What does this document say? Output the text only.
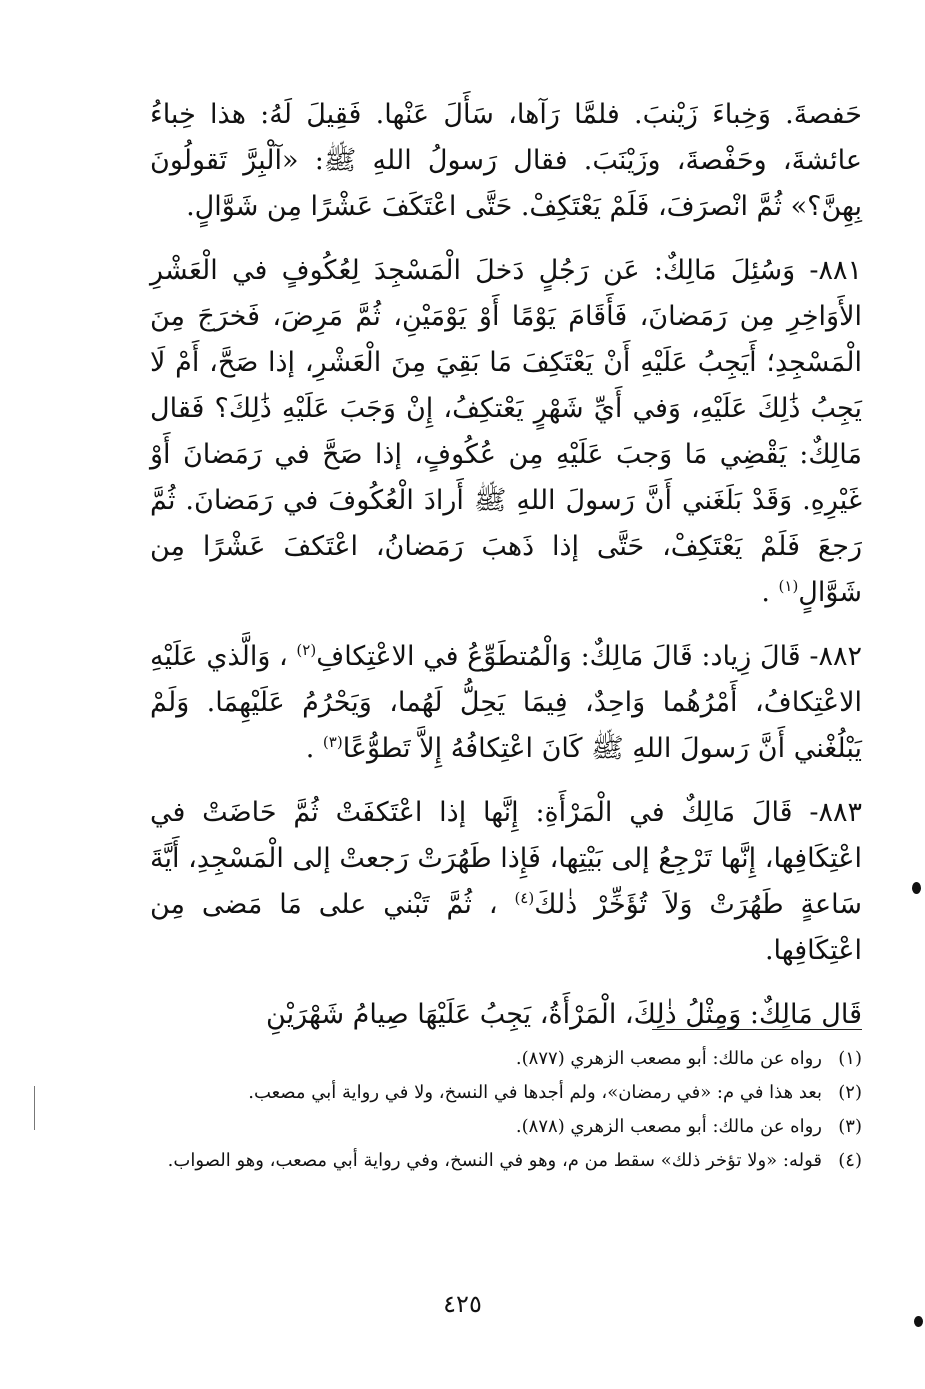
حَفصةَ. وَخِباءَ زَيْنبَ. فلمَّا رَآها، سَأَلَ عَنْها. فَقِيلَ لَهُ: هذا خِباءُ عائشةَ، وحَفْصةَ، وزَيْنَبَ. فقال رَسولُ اللهِ ﷺ: «آلْبِرَّ تَقولُونَ بِهِنَّ؟» ثُمَّ انْصرَفَ، فَلَمْ يَعْتَكِفْ. حَتَّى اعْتَكَفَ عَشْرًا مِن شَوَّالٍ.

٨٨١- وَسُئِلَ مَالِكٌ: عَن رَجُلٍ دَخلَ الْمَسْجِدَ لِعُكُوفٍ في الْعَشْرِ الأَوَاخِرِ مِن رَمَضانَ، فَأَقَامَ يَوْمًا أَوْ يَوْمَيْنِ، ثُمَّ مَرِضَ، فَخرَجَ مِنَ الْمَسْجِدِ؛ أَيَجِبُ عَلَيْهِ أَنْ يَعْتَكِفَ مَا بَقِيَ مِنَ الْعَشْرِ، إذا صَحَّ، أَمْ لَا يَجِبُ ذَٰلِكَ عَلَيْهِ، وَفي أَيِّ شَهْرٍ يَعْتكِفُ، إِنْ وَجَبَ عَلَيْهِ ذَٰلِكَ؟ فَقال مَالِكٌ: يَقْضِي مَا وَجبَ عَلَيْهِ مِن عُكُوفٍ، إذا صَحَّ في رَمَضانَ أَوْ غَيْرِهِ. وَقَدْ بَلَغَني أَنَّ رَسولَ اللهِ ﷺ أَرادَ الْعُكُوفَ في رَمَضانَ. ثُمَّ رَجعَ فَلَمْ يَعْتَكِفْ، حَتَّى إذا ذَهبَ رَمَضانُ، اعْتَكفَ عَشْرًا مِن شَوَّالٍ$^{(١)}$ .

٨٨٢- قَالَ زِياد: قَالَ مَالِكٌ: وَالْمُتطَوِّعُ في الاعْتِكافِ$^{(٢)}$ ، وَالَّذي عَلَيْهِ الاعْتِكافُ، أَمْرُهُما وَاحِدٌ، فِيمَا يَحِلُّ لَهُما، وَيَحْرُمُ عَلَيْهِمَا. وَلَمْ يَبْلُغْني أَنَّ رَسولَ اللهِ ﷺ كَانَ اعْتِكافُهُ إِلاَّ تَطوُّعًا$^{(٣)}$ .

٨٨٣- قَالَ مَالِكٌ في الْمَرْأَةِ: إِنَّها إذا اعْتَكفَتْ ثُمَّ حَاضَتْ في اعْتِكَافِها، إِنَّها تَرْجِعُ إلى بَيْتِها، فَإِذا طَهُرَتْ رَجعتْ إلى الْمَسْجِدِ، أَيَّةَ سَاعةٍ طَهُرَتْ وَلاَ تُؤَخِّرْ ذٰلكَ$^{(٤)}$ ، ثُمَّ تَبْني على مَا مَضى مِن اعْتِكَافِها.

قَال مَالِكٌ: وَمِثْلُ ذٰلِكَ، الْمَرْأَةُ، يَجِبُ عَلَيْهَا صِيامُ شَهْرَيْنِ

(١)
رواه عن مالك: أبو مصعب الزهري (٨٧٧).
(٢)
بعد هذا في م: «في رمضان»، ولم أجدها في النسخ، ولا في رواية أبي مصعب.
(٣)
رواه عن مالك: أبو مصعب الزهري (٨٧٨).
(٤)
قوله: «ولا تؤخر ذلك» سقط من م، وهو في النسخ، وفي رواية أبي مصعب، وهو الصواب.
٤٢٥
